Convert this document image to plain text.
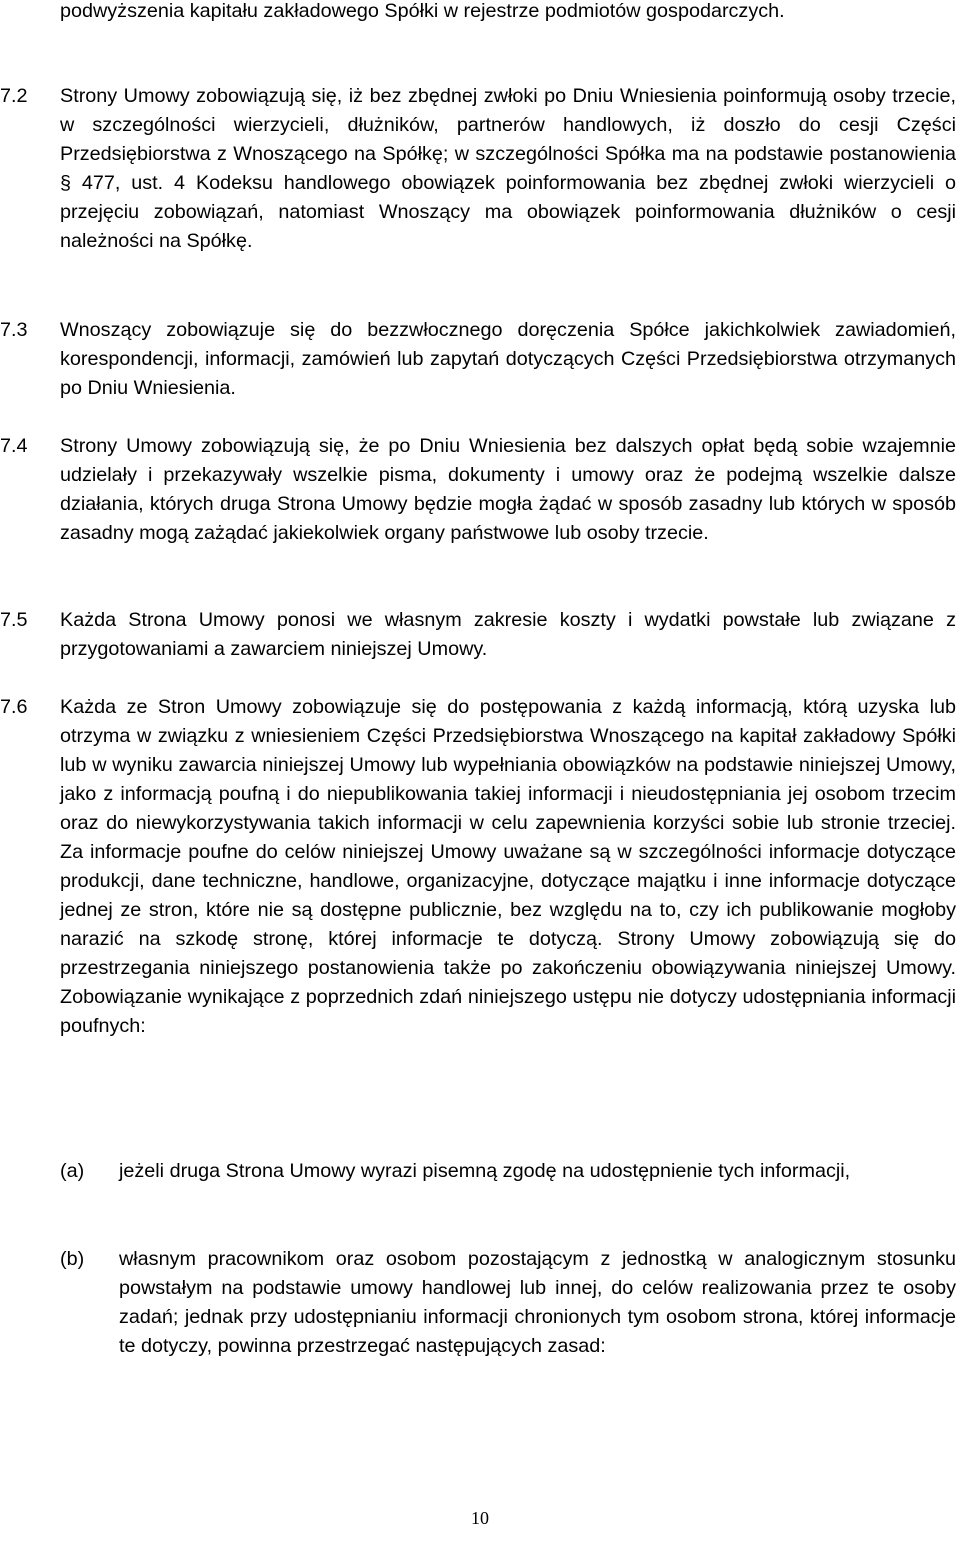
podwyższenia kapitału zakładowego Spółki w rejestrze podmiotów gospodarczych.

7.2 Strony Umowy zobowiązują się, iż bez zbędnej zwłoki po Dniu Wniesienia poinformują osoby trzecie, w szczególności wierzycieli, dłużników, partnerów handlowych, iż doszło do cesji Części Przedsiębiorstwa z Wnoszącego na Spółkę; w szczególności Spółka ma na podstawie postanowienia § 477, ust. 4 Kodeksu handlowego obowiązek poinformowania bez zbędnej zwłoki wierzycieli o przejęciu zobowiązań, natomiast Wnoszący ma obowiązek poinformowania dłużników o cesji należności na Spółkę.

7.3 Wnoszący zobowiązuje się do bezzwłocznego doręczenia Spółce jakichkolwiek zawiadomień, korespondencji, informacji, zamówień lub zapytań dotyczących Części Przedsiębiorstwa otrzymanych po Dniu Wniesienia.

7.4 Strony Umowy zobowiązują się, że po Dniu Wniesienia bez dalszych opłat będą sobie wzajemnie udzielały i przekazywały wszelkie pisma, dokumenty i umowy oraz że podejmą wszelkie dalsze działania, których druga Strona Umowy będzie mogła żądać w sposób zasadny lub których w sposób zasadny mogą zażądać jakiekolwiek organy państwowe lub osoby trzecie.

7.5 Każda Strona Umowy ponosi we własnym zakresie koszty i wydatki powstałe lub związane z przygotowaniami a zawarciem niniejszej Umowy.

7.6 Każda ze Stron Umowy zobowiązuje się do postępowania z każdą informacją, którą uzyska lub otrzyma w związku z wniesieniem Części Przedsiębiorstwa Wnoszącego na kapitał zakładowy Spółki lub w wyniku zawarcia niniejszej Umowy lub wypełniania obowiązków na podstawie niniejszej Umowy, jako z informacją poufną i do niepublikowania takiej informacji i nieudostępniania jej osobom trzecim oraz do niewykorzystywania takich informacji w celu zapewnienia korzyści sobie lub stronie trzeciej. Za informacje poufne do celów niniejszej Umowy uważane są w szczególności informacje dotyczące produkcji, dane techniczne, handlowe, organizacyjne, dotyczące majątku i inne informacje dotyczące jednej ze stron, które nie są dostępne publicznie, bez względu na to, czy ich publikowanie mogłoby narazić na szkodę stronę, której informacje te dotyczą. Strony Umowy zobowiązują się do przestrzegania niniejszego postanowienia także po zakończeniu obowiązywania niniejszej Umowy. Zobowiązanie wynikające z poprzednich zdań niniejszego ustępu nie dotyczy udostępniania informacji poufnych:

(a) jeżeli druga Strona Umowy wyrazi pisemną zgodę na udostępnienie tych informacji,

(b) własnym pracownikom oraz osobom pozostającym z jednostką w analogicznym stosunku powstałym na podstawie umowy handlowej lub innej, do celów realizowania przez te osoby zadań; jednak przy udostępnianiu informacji chronionych tym osobom strona, której informacje te dotyczy, powinna przestrzegać następujących zasad:

10
